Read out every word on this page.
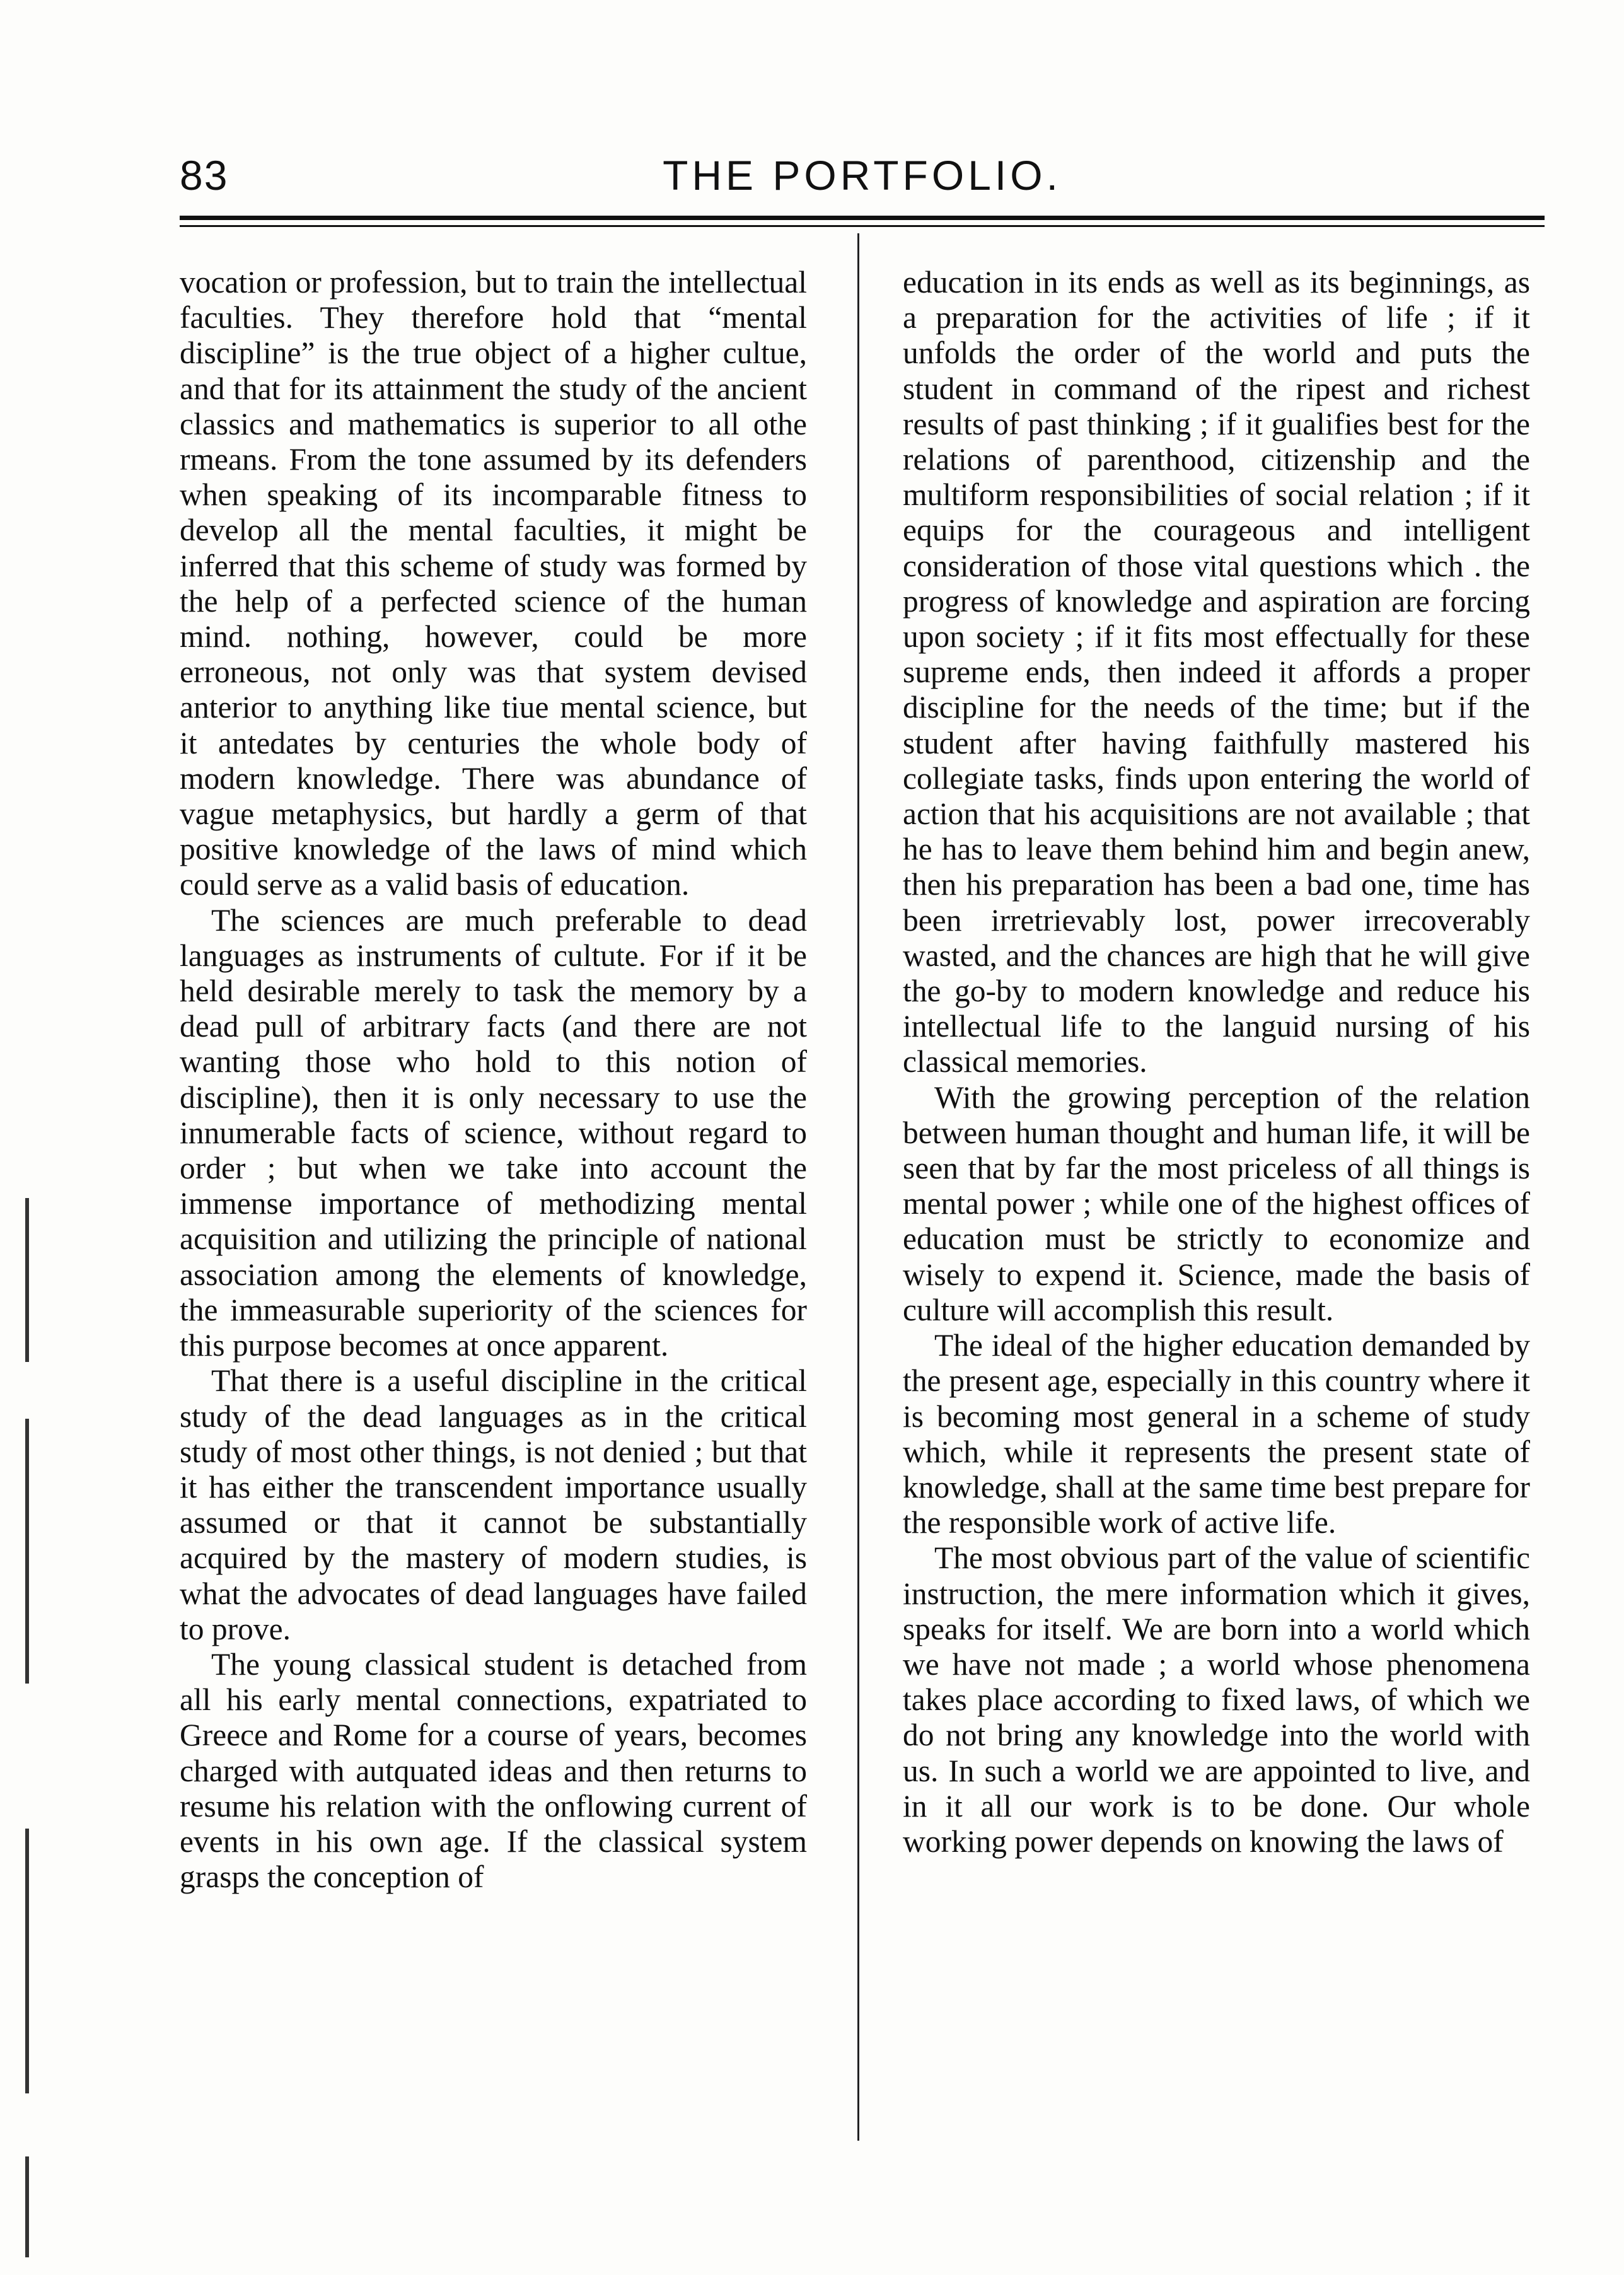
83	THE PORTFOLIO.

vocation or profession, but to train the intellectual faculties. They therefore hold that “mental discipline” is the true object of a higher cultue, and that for its attainment the study of the ancient classics and mathematics is superior to all othe rmeans. From the tone assumed by its defenders when speaking of its incomparable fitness to develop all the mental faculties, it might be inferred that this scheme of study was formed by the help of a perfected science of the human mind. nothing, however, could be more erroneous, not only was that system devised anterior to anything like tiue mental science, but it antedates by centuries the whole body of modern knowledge. There was abundance of vague metaphysics, but hardly a germ of that positive knowledge of the laws of mind which could serve as a valid basis of education.

The sciences are much preferable to dead languages as instruments of cultute. For if it be held desirable merely to task the memory by a dead pull of arbitrary facts (and there are not wanting those who hold to this notion of discipline), then it is only necessary to use the innumerable facts of science, without regard to order ; but when we take into account the immense importance of methodizing mental acquisition and utilizing the principle of national association among the elements of knowledge, the immeasurable superiority of the sciences for this purpose becomes at once apparent.

That there is a useful discipline in the critical study of the dead languages as in the critical study of most other things, is not denied ; but that it has either the transcendent importance usually assumed or that it cannot be substantially acquired by the mastery of modern studies, is what the advocates of dead languages have failed to prove.

The young classical student is detached from all his early mental connections, expatriated to Greece and Rome for a course of years, becomes charged with autquated ideas and then returns to resume his relation with the onflowing current of events in his own age. If the classical system grasps the conception of

education in its ends as well as its beginnings, as a preparation for the activities of life ; if it unfolds the order of the world and puts the student in command of the ripest and richest results of past thinking ; if it gualifies best for the relations of parenthood, citizenship and the multiform responsibilities of social relation ; if it equips for the courageous and intelligent consideration of those vital questions which . the progress of knowledge and aspiration are forcing upon society ; if it fits most effectually for these supreme ends, then indeed it affords a proper discipline for the needs of the time; but if the student after having faithfully mastered his collegiate tasks, finds upon entering the world of action that his acquisitions are not available ; that he has to leave them behind him and begin anew, then his preparation has been a bad one, time has been irretrievably lost, power irrecoverably wasted, and the chances are high that he will give the go-by to modern knowledge and reduce his intellectual life to the languid nursing of his classical memories.

With the growing perception of the relation between human thought and human life, it will be seen that by far the most priceless of all things is mental power ; while one of the highest offices of education must be strictly to economize and wisely to expend it. Science, made the basis of culture will accomplish this result.

The ideal of the higher education demanded by the present age, especially in this country where it is becoming most general in a scheme of study which, while it represents the present state of knowledge, shall at the same time best prepare for the responsible work of active life.

The most obvious part of the value of scientific instruction, the mere information which it gives, speaks for itself. We are born into a world which we have not made ; a world whose phenomena takes place according to fixed laws, of which we do not bring any knowledge into the world with us. In such a world we are appointed to live, and in it all our work is to be done. Our whole working power depends on knowing the laws of
